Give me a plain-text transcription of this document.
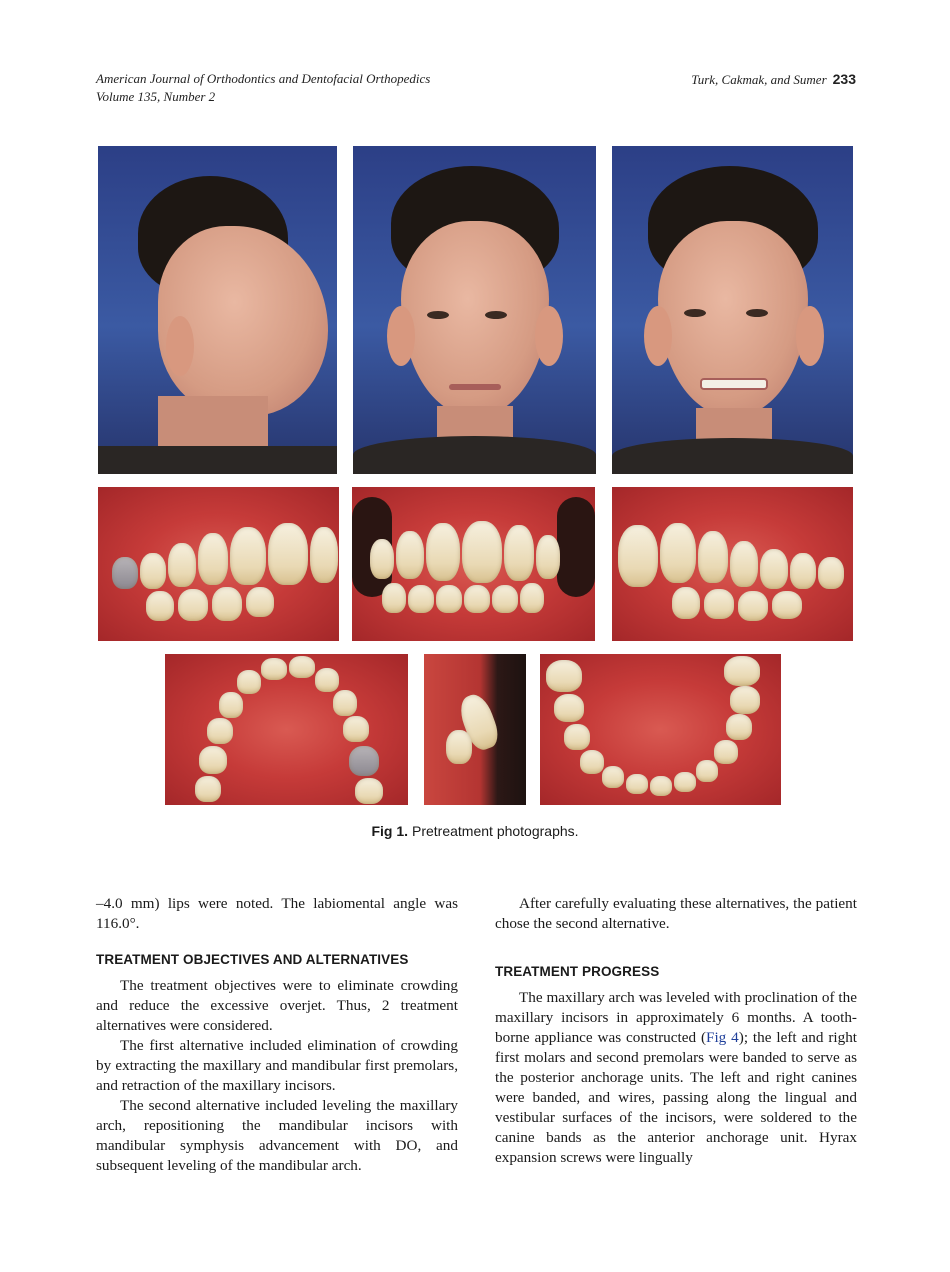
American Journal of Orthodontics and Dentofacial Orthopedics
Volume 135, Number 2
Turk, Cakmak, and Sumer 233
Fig 1. Pretreatment photographs.

–4.0 mm) lips were noted. The labiomental angle was 116.0°.

TREATMENT OBJECTIVES AND ALTERNATIVES

The treatment objectives were to eliminate crowding and reduce the excessive overjet. Thus, 2 treatment alternatives were considered.

The first alternative included elimination of crowding by extracting the maxillary and mandibular first premolars, and retraction of the maxillary incisors.

The second alternative included leveling the maxillary arch, repositioning the mandibular incisors with mandibular symphysis advancement with DO, and subsequent leveling of the mandibular arch.

After carefully evaluating these alternatives, the patient chose the second alternative.

TREATMENT PROGRESS

The maxillary arch was leveled with proclination of the maxillary incisors in approximately 6 months. A tooth-borne appliance was constructed (Fig 4); the left and right first molars and second premolars were banded to serve as the posterior anchorage units. The left and right canines were banded, and wires, passing along the lingual and vestibular surfaces of the incisors, were soldered to the canine bands as the anterior anchorage unit. Hyrax expansion screws were lingually
